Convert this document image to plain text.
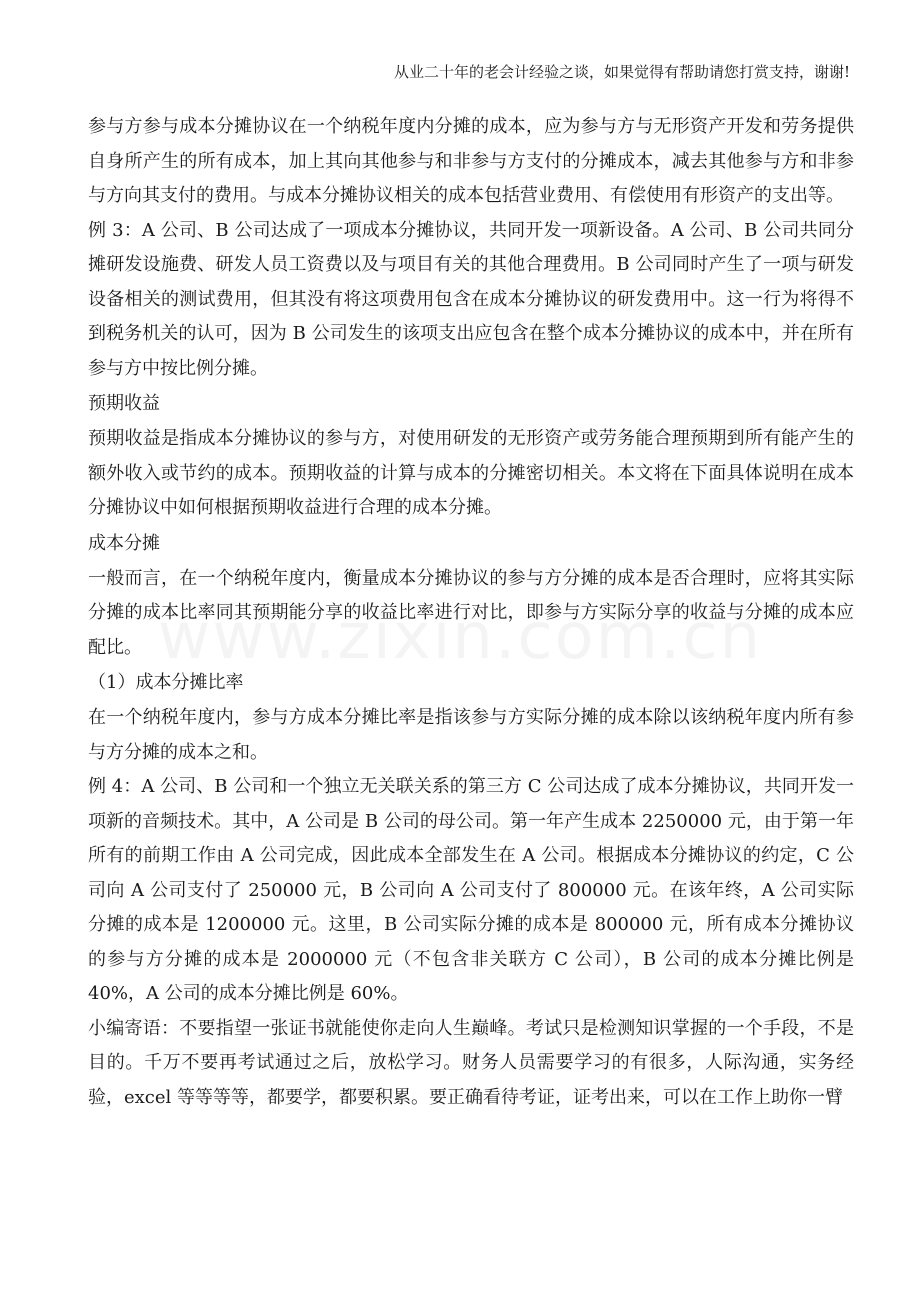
从业二十年的老会计经验之谈，如果觉得有帮助请您打赏支持，谢谢!

参与方参与成本分摊协议在一个纳税年度内分摊的成本，应为参与方与无形资产开发和劳务提供自身所产生的所有成本，加上其向其他参与和非参与方支付的分摊成本，减去其他参与方和非参与方向其支付的费用。与成本分摊协议相关的成本包括营业费用、有偿使用有形资产的支出等。

例 3：A 公司、B 公司达成了一项成本分摊协议，共同开发一项新设备。A 公司、B 公司共同分摊研发设施费、研发人员工资费以及与项目有关的其他合理费用。B 公司同时产生了一项与研发设备相关的测试费用，但其没有将这项费用包含在成本分摊协议的研发费用中。这一行为将得不到税务机关的认可，因为 B 公司发生的该项支出应包含在整个成本分摊协议的成本中，并在所有参与方中按比例分摊。

预期收益

预期收益是指成本分摊协议的参与方，对使用研发的无形资产或劳务能合理预期到所有能产生的额外收入或节约的成本。预期收益的计算与成本的分摊密切相关。本文将在下面具体说明在成本分摊协议中如何根据预期收益进行合理的成本分摊。

成本分摊

一般而言，在一个纳税年度内，衡量成本分摊协议的参与方分摊的成本是否合理时，应将其实际分摊的成本比率同其预期能分享的收益比率进行对比，即参与方实际分享的收益与分摊的成本应配比。

（1）成本分摊比率

在一个纳税年度内，参与方成本分摊比率是指该参与方实际分摊的成本除以该纳税年度内所有参与方分摊的成本之和。

例 4：A 公司、B 公司和一个独立无关联关系的第三方 C 公司达成了成本分摊协议，共同开发一项新的音频技术。其中，A 公司是 B 公司的母公司。第一年产生成本 2250000 元，由于第一年所有的前期工作由 A 公司完成，因此成本全部发生在 A 公司。根据成本分摊协议的约定，C 公司向 A 公司支付了 250000 元，B 公司向 A 公司支付了 800000 元。在该年终，A 公司实际分摊的成本是 1200000 元。这里，B 公司实际分摊的成本是 800000 元，所有成本分摊协议的参与方分摊的成本是 2000000 元（不包含非关联方 C 公司），B 公司的成本分摊比例是 40%，A 公司的成本分摊比例是 60%。

小编寄语：不要指望一张证书就能使你走向人生巅峰。考试只是检测知识掌握的一个手段，不是目的。千万不要再考试通过之后，放松学习。财务人员需要学习的有很多，人际沟通，实务经验，excel 等等等等，都要学，都要积累。要正确看待考证，证考出来，可以在工作上助你一臂
